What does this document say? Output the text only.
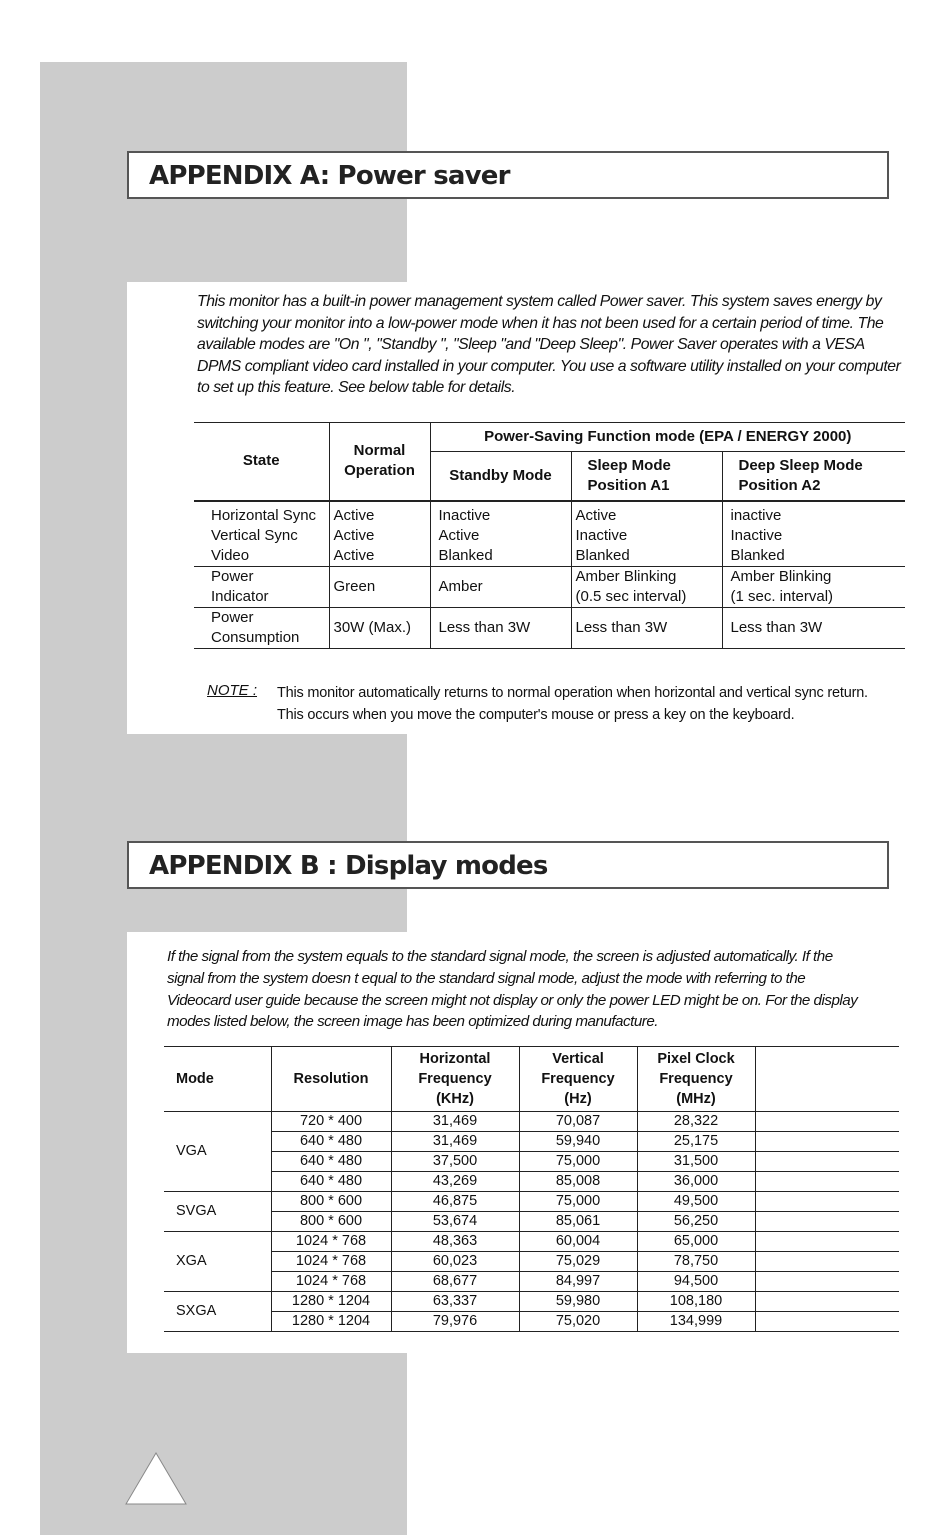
APPENDIX A: Power saver

This monitor has a built-in power management system called Power saver. This system saves energy by switching your monitor into a low-power mode when it has not been used for a certain period of time. The available modes are "On ", "Standby ", "Sleep "and "Deep Sleep". Power Saver operates with a VESA DPMS compliant video card installed in your computer. You use a software utility installed on your computer to set up this feature. See below table for details.

State	Normal Operation	Power-Saving Function mode (EPA / ENERGY 2000)		
		Standby Mode	Sleep Mode Position A1	Deep Sleep Mode Position A2
Horizontal Sync	Active	Inactive	Active	inactive
Vertical Sync	Active	Active	Inactive	Inactive
Video	Active	Blanked	Blanked	Blanked
Power Indicator	Green	Amber	Amber Blinking (0.5 sec interval)	Amber Blinking (1 sec. interval)
Power Consumption	30W (Max.)	Less than 3W	Less than 3W	Less than 3W
NOTE : This monitor automatically returns to normal operation when horizontal and vertical sync return.
This occurs when you move the computer's mouse or press a key on the keyboard.

APPENDIX B : Display modes

If the signal from the system equals to the standard signal mode, the screen is adjusted automatically. If the signal from the system doesn t equal to the standard signal mode, adjust the mode with referring to the Videocard user guide because the screen might not display or only the power LED might be on. For the display modes listed below, the screen image has been optimized during manufacture.

Mode	Resolution	Horizontal Frequency (KHz)	Vertical Frequency (Hz)	Pixel Clock Frequency (MHz)	
VGA	720 * 400	31,469	70,087	28,322	
	640 * 480	31,469	59,940	25,175	
	640 * 480	37,500	75,000	31,500	
	640 * 480	43,269	85,008	36,000	
SVGA	800 * 600	46,875	75,000	49,500	
	800 * 600	53,674	85,061	56,250	
XGA	1024 * 768	48,363	60,004	65,000	
	1024 * 768	60,023	75,029	78,750	
	1024 * 768	68,677	84,997	94,500	
SXGA	1280 * 1204	63,337	59,980	108,180	
	1280 * 1204	79,976	75,020	134,999	
